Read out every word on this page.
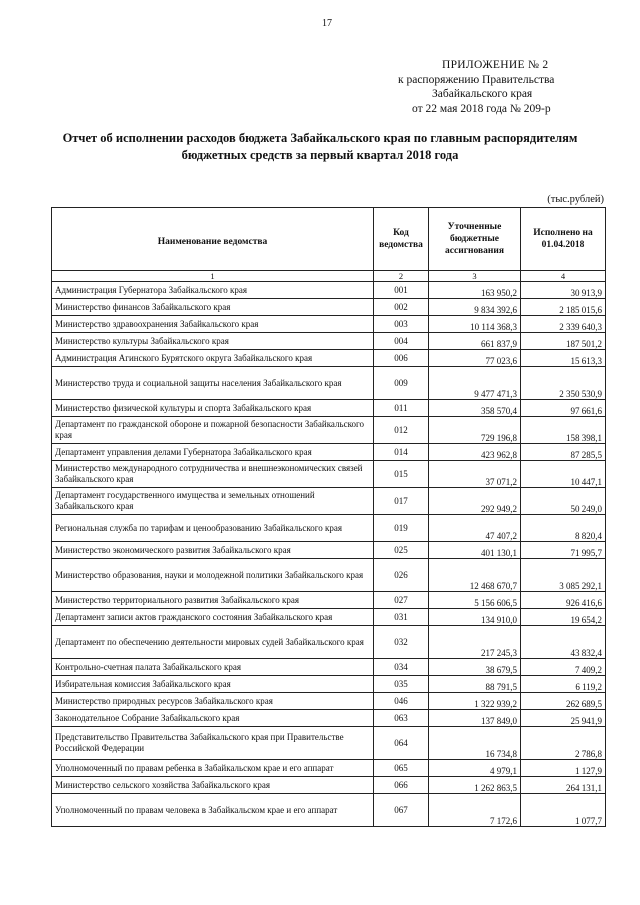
17
ПРИЛОЖЕНИЕ № 2
к распоряжению Правительства
Забайкальского края
от 22 мая 2018 года № 209-р
Отчет об исполнении расходов бюджета Забайкальского края по главным распорядителям
бюджетных средств за первый квартал 2018 года
(тыс.рублей)
Наименование ведомства	Код ведомства	Уточненные бюджетные ассигнования	Исполнено на 01.04.2018
1	2	3	4
Администрация Губернатора Забайкальского края	001	163 950,2	30 913,9
Министерство финансов Забайкальского края	002	9 834 392,6	2 185 015,6
Министерство здравоохранения Забайкальского края	003	10 114 368,3	2 339 640,3
Министерство культуры Забайкальского края	004	661 837,9	187 501,2
Администрация Агинского Бурятского округа Забайкальского края	006	77 023,6	15 613,3
Министерство труда и социальной защиты населения Забайкальского края	009	9 477 471,3	2 350 530,9
Министерство физической культуры и спорта Забайкальского края	011	358 570,4	97 661,6
Департамент по гражданской обороне и пожарной безопасности Забайкальского края	012	729 196,8	158 398,1
Департамент управления делами Губернатора Забайкальского края	014	423 962,8	87 285,5
Министерство международного сотрудничества и внешнеэкономических связей Забайкальского края	015	37 071,2	10 447,1
Департамент государственного имущества и земельных отношений Забайкальского края	017	292 949,2	50 249,0
Региональная служба по тарифам и ценообразованию Забайкальского края	019	47 407,2	8 820,4
Министерство экономического развития Забайкальского края	025	401 130,1	71 995,7
Министерство образования, науки и молодежной политики Забайкальского края	026	12 468 670,7	3 085 292,1
Министерство территориального развития Забайкальского края	027	5 156 606,5	926 416,6
Департамент записи актов гражданского состояния Забайкальского края	031	134 910,0	19 654,2
Департамент по обеспечению деятельности мировых судей Забайкальского края	032	217 245,3	43 832,4
Контрольно-счетная палата Забайкальского края	034	38 679,5	7 409,2
Избирательная комиссия Забайкальского края	035	88 791,5	6 119,2
Министерство природных ресурсов Забайкальского края	046	1 322 939,2	262 689,5
Законодательное Собрание Забайкальского края	063	137 849,0	25 941,9
Представительство Правительства Забайкальского края при Правительстве Российской Федерации	064	16 734,8	2 786,8
Уполномоченный по правам ребенка в Забайкальском крае и его аппарат	065	4 979,1	1 127,9
Министерство сельского хозяйства Забайкальского края	066	1 262 863,5	264 131,1
Уполномоченный по правам человека в Забайкальском крае и его аппарат	067	7 172,6	1 077,7
